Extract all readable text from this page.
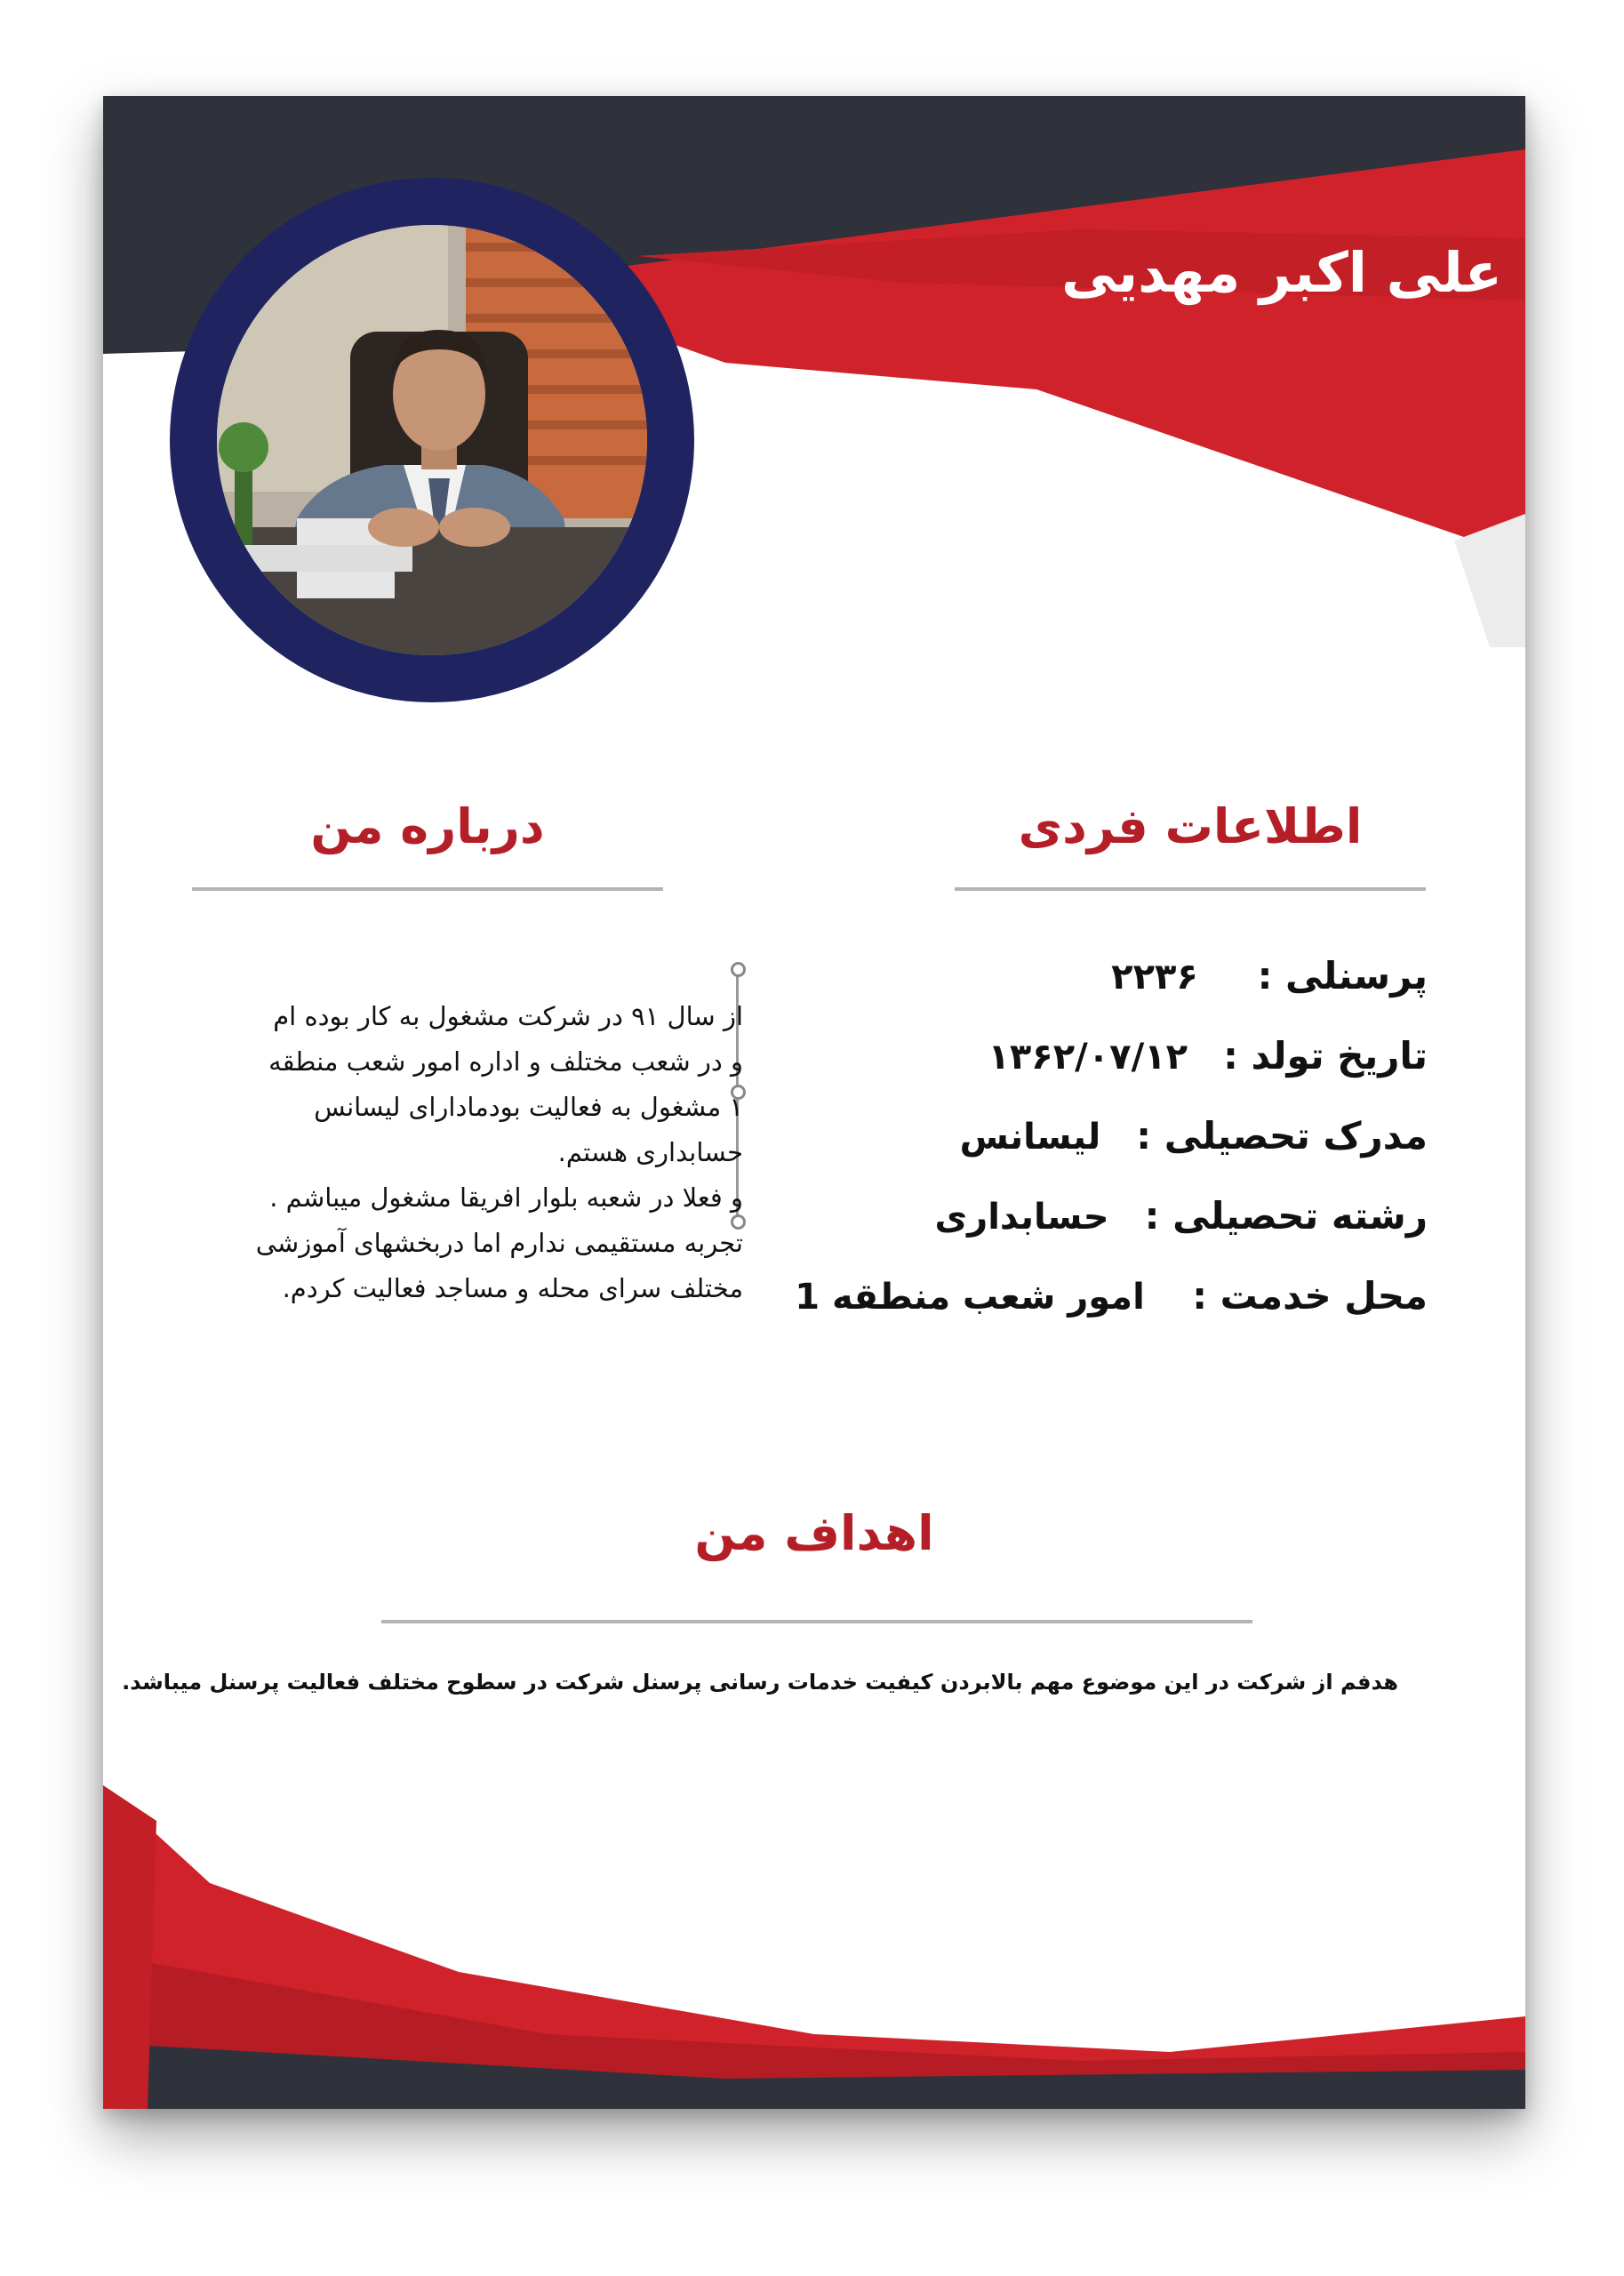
علی اکبر مهدیی
اطلاعات فردی
پرسنلی :     ۲۲۳۶
تاریخ تولد :   ۱۳۶۲/۰۷/۱۲
مدرک تحصیلی :   لیسانس
رشته تحصیلی :   حسابداری
محل خدمت :    امور شعب منطقه 1
درباره من
از سال ۹۱ در شرکت مشغول به کار بوده ام
و در شعب مختلف و اداره امور شعب منطقه
۱ مشغول به فعالیت بودمادارای لیسانس
حسابداری هستم.
و فعلا در شعبه بلوار افریقا مشغول میباشم .
تجربه مستقیمی ندارم اما دربخشهای آموزشی
مختلف سرای محله و مساجد فعالیت کردم.
اهداف من
هدفم از شرکت در این موضوع مهم بالابردن کیفیت خدمات رسانی پرسنل شرکت در سطوح مختلف فعالیت پرسنل میباشد.
